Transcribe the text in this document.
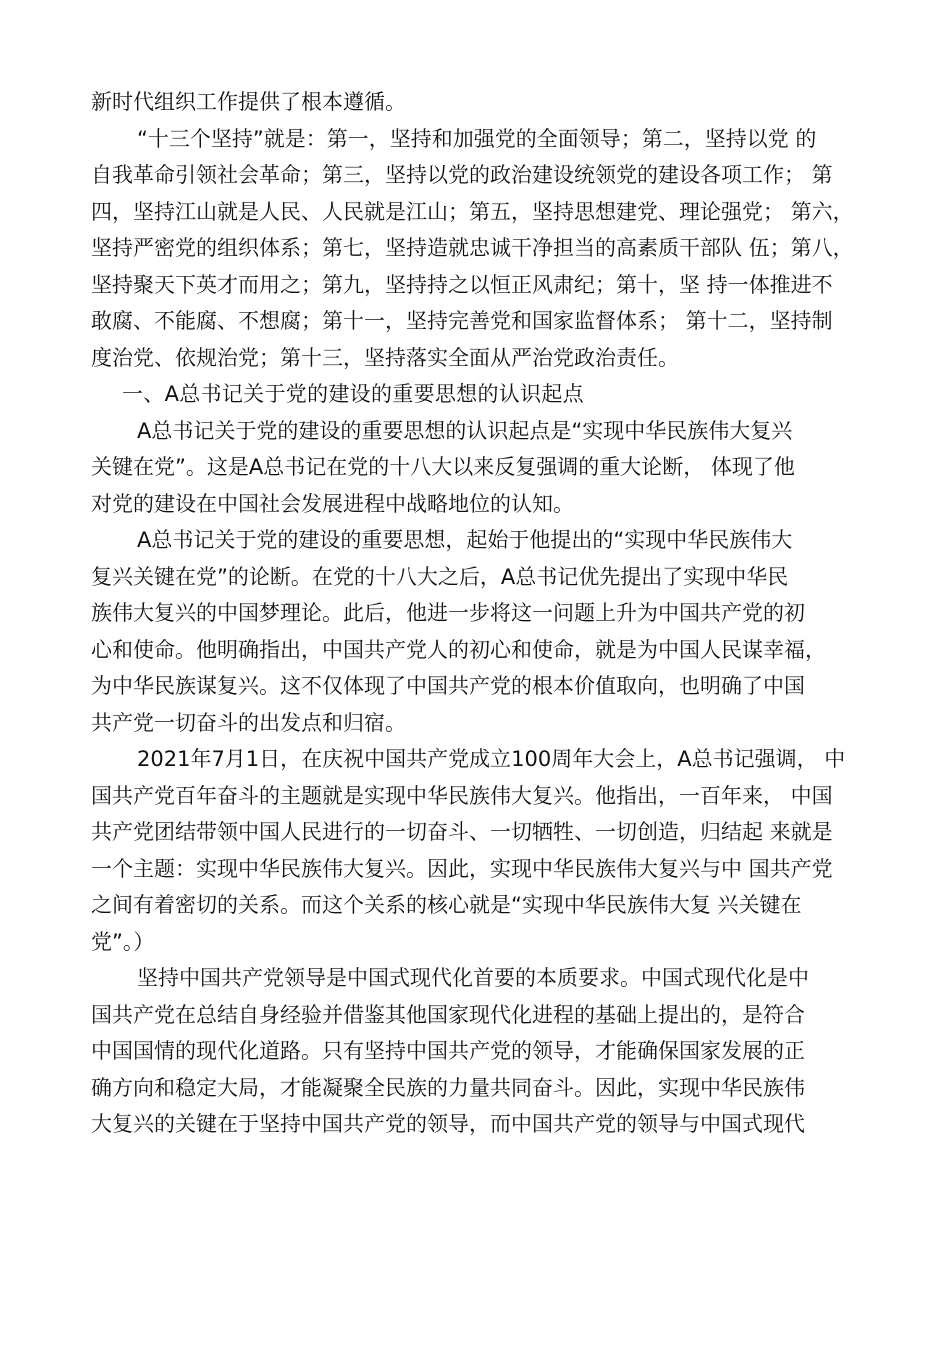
新时代组织工作提供了根本遵循。
“十三个坚持”就是：第一，坚持和加强党的全面领导；第二，坚持以党 的
自我革命引领社会革命；第三，坚持以党的政治建设统领党的建设各项工作； 第
四，坚持江山就是人民、人民就是江山；第五，坚持思想建党、理论强党； 第六，
坚持严密党的组织体系；第七，坚持造就忠诚干净担当的高素质干部队 伍；第八，
坚持聚天下英才而用之；第九，坚持持之以恒正风肃纪；第十，坚 持一体推进不
敢腐、不能腐、不想腐；第十一，坚持完善党和国家监督体系； 第十二，坚持制
度治党、依规治党；第十三，坚持落实全面从严治党政治责任。
一、A总书记关于党的建设的重要思想的认识起点
A总书记关于党的建设的重要思想的认识起点是“实现中华民族伟大复兴
关键在党”。这是A总书记在党的十八大以来反复强调的重大论断， 体现了他
对党的建设在中国社会发展进程中战略地位的认知。
A总书记关于党的建设的重要思想，起始于他提出的“实现中华民族伟大
复兴关键在党”的论断。在党的十八大之后，A总书记优先提出了实现中华民
族伟大复兴的中国梦理论。此后，他进一步将这一问题上升为中国共产党的初
心和使命。他明确指出，中国共产党人的初心和使命，就是为中国人民谋幸福，
为中华民族谋复兴。这不仅体现了中国共产党的根本价值取向，也明确了中国
共产党一切奋斗的出发点和归宿。
2021年7月1日，在庆祝中国共产党成立100周年大会上，A总书记强调， 中
国共产党百年奋斗的主题就是实现中华民族伟大复兴。他指出，一百年来， 中国
共产党团结带领中国人民进行的一切奋斗、一切牺牲、一切创造，归结起 来就是
一个主题：实现中华民族伟大复兴。因此，实现中华民族伟大复兴与中 国共产党
之间有着密切的关系。而这个关系的核心就是“实现中华民族伟大复 兴关键在
党”。）
坚持中国共产党领导是中国式现代化首要的本质要求。中国式现代化是中
国共产党在总结自身经验并借鉴其他国家现代化进程的基础上提出的，是符合
中国国情的现代化道路。只有坚持中国共产党的领导，才能确保国家发展的正
确方向和稳定大局，才能凝聚全民族的力量共同奋斗。因此，实现中华民族伟
大复兴的关键在于坚持中国共产党的领导，而中国共产党的领导与中国式现代
